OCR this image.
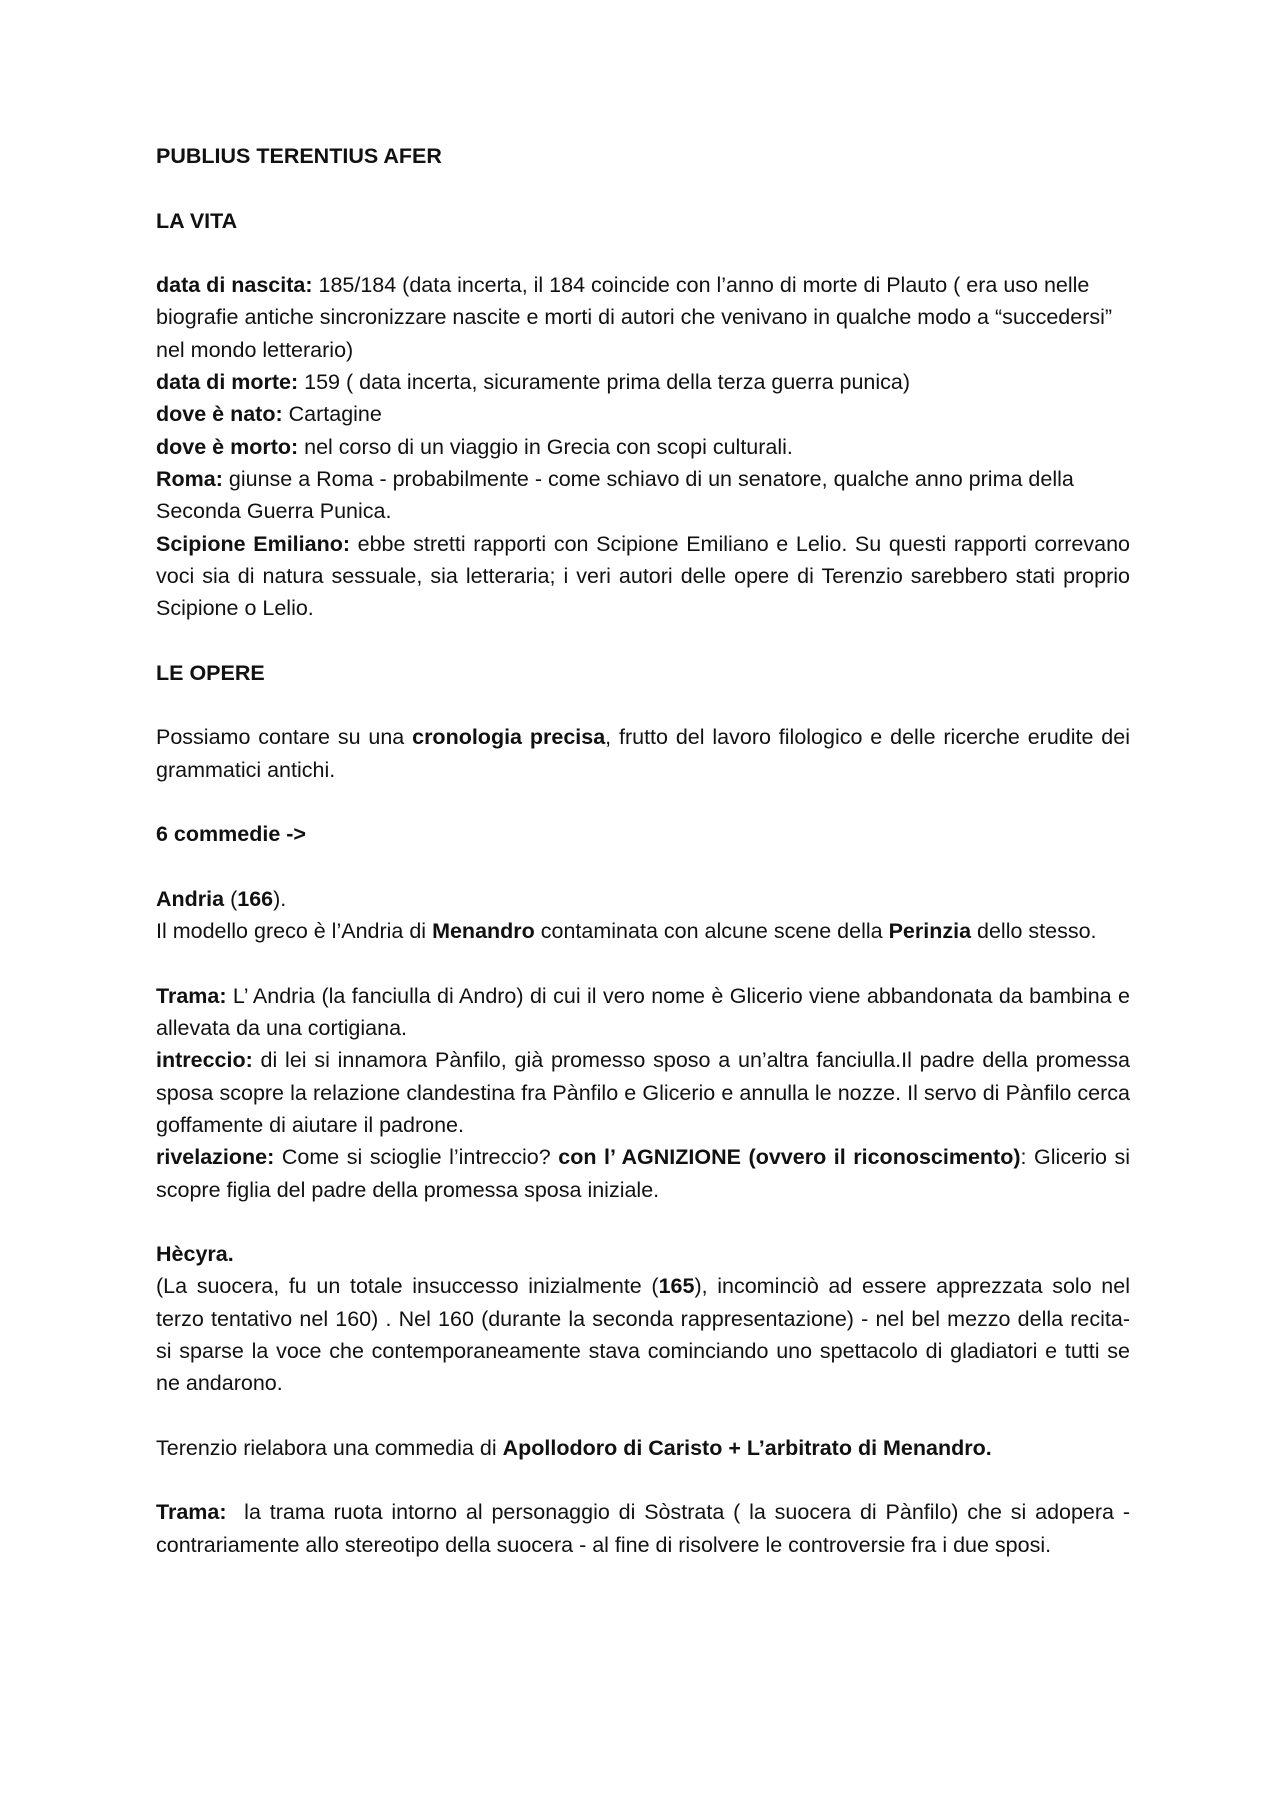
PUBLIUS TERENTIUS AFER

LA VITA

data di nascita: 185/184 (data incerta, il 184 coincide con l’anno di morte di Plauto ( era uso nelle biografie antiche sincronizzare nascite e morti di autori che venivano in qualche modo a “succedersi” nel mondo letterario)

data di morte: 159 ( data incerta, sicuramente prima della terza guerra punica)

dove è nato: Cartagine

dove è morto: nel corso di un viaggio in Grecia con scopi culturali.

Roma: giunse a Roma - probabilmente - come schiavo di un senatore, qualche anno prima della Seconda Guerra Punica.

Scipione Emiliano: ebbe stretti rapporti con Scipione Emiliano e Lelio. Su questi rapporti correvano voci sia di natura sessuale, sia letteraria; i veri autori delle opere di Terenzio sarebbero stati proprio Scipione o Lelio.

LE OPERE

Possiamo contare su una cronologia precisa, frutto del lavoro filologico e delle ricerche erudite dei grammatici antichi.

6 commedie ->

Andria (166).

Il modello greco è l’Andria di Menandro contaminata con alcune scene della Perinzia dello stesso.

Trama: L’ Andria (la fanciulla di Andro) di cui il vero nome è Glicerio viene abbandonata da bambina e allevata da una cortigiana.

intreccio: di lei si innamora Pànfilo, già promesso sposo a un’altra fanciulla.Il padre della promessa sposa scopre la relazione clandestina fra Pànfilo e Glicerio e annulla le nozze. Il servo di Pànfilo cerca goffamente di aiutare il padrone.

rivelazione: Come si scioglie l’intreccio? con l’ AGNIZIONE (ovvero il riconoscimento): Glicerio si scopre figlia del padre della promessa sposa iniziale.

Hècyra.

(La suocera, fu un totale insuccesso inizialmente (165), incominciò ad essere apprezzata solo nel terzo tentativo nel 160) . Nel 160 (durante la seconda rappresentazione) - nel bel mezzo della recita- si sparse la voce che contemporaneamente stava cominciando uno spettacolo di gladiatori e tutti se ne andarono.

Terenzio rielabora una commedia di Apollodoro di Caristo + L’arbitrato di Menandro.

Trama:  la trama ruota intorno al personaggio di Sòstrata ( la suocera di Pànfilo) che si adopera - contrariamente allo stereotipo della suocera - al fine di risolvere le controversie fra i due sposi.
